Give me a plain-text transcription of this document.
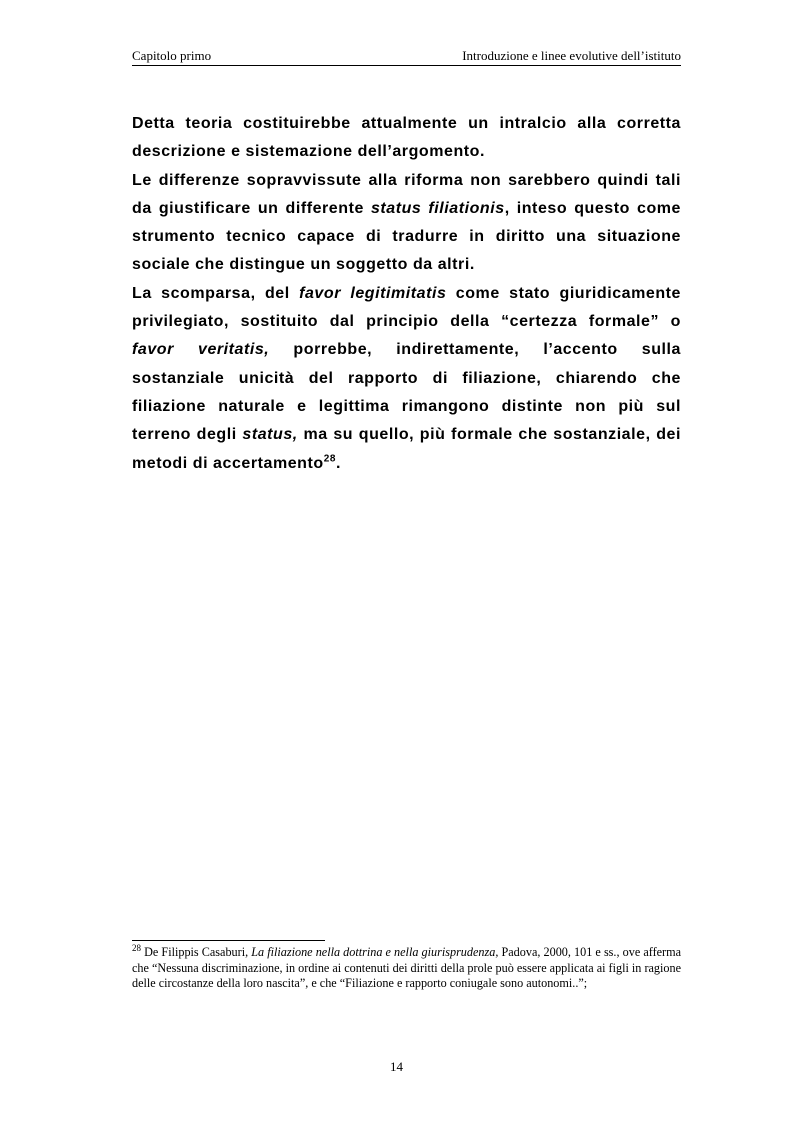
Capitolo primo	Introduzione e linee evolutive dell’istituto

Detta teoria costituirebbe attualmente un intralcio alla corretta descrizione e sistemazione dell’argomento.

Le differenze sopravvissute alla riforma non sarebbero quindi tali da giustificare un differente status filiationis, inteso questo come strumento tecnico capace di tradurre in diritto una situazione sociale che distingue un soggetto da altri.

La scomparsa, del favor legitimitatis come stato giuridicamente privilegiato, sostituito dal principio della “certezza formale” o favor veritatis, porrebbe, indirettamente, l’accento sulla sostanziale unicità del rapporto di filiazione, chiarendo che filiazione naturale e legittima rimangono distinte non più sul terreno degli status, ma su quello, più formale che sostanziale, dei metodi di accertamento$^{28}$.

$^{28}$ De Filippis Casaburi, La filiazione nella dottrina e nella giurisprudenza, Padova, 2000, 101 e ss., ove afferma che “Nessuna discriminazione, in ordine ai contenuti dei diritti della prole può essere applicata ai figli in ragione delle circostanze della loro nascita”, e che “Filiazione e rapporto coniugale sono autonomi..”;

14
